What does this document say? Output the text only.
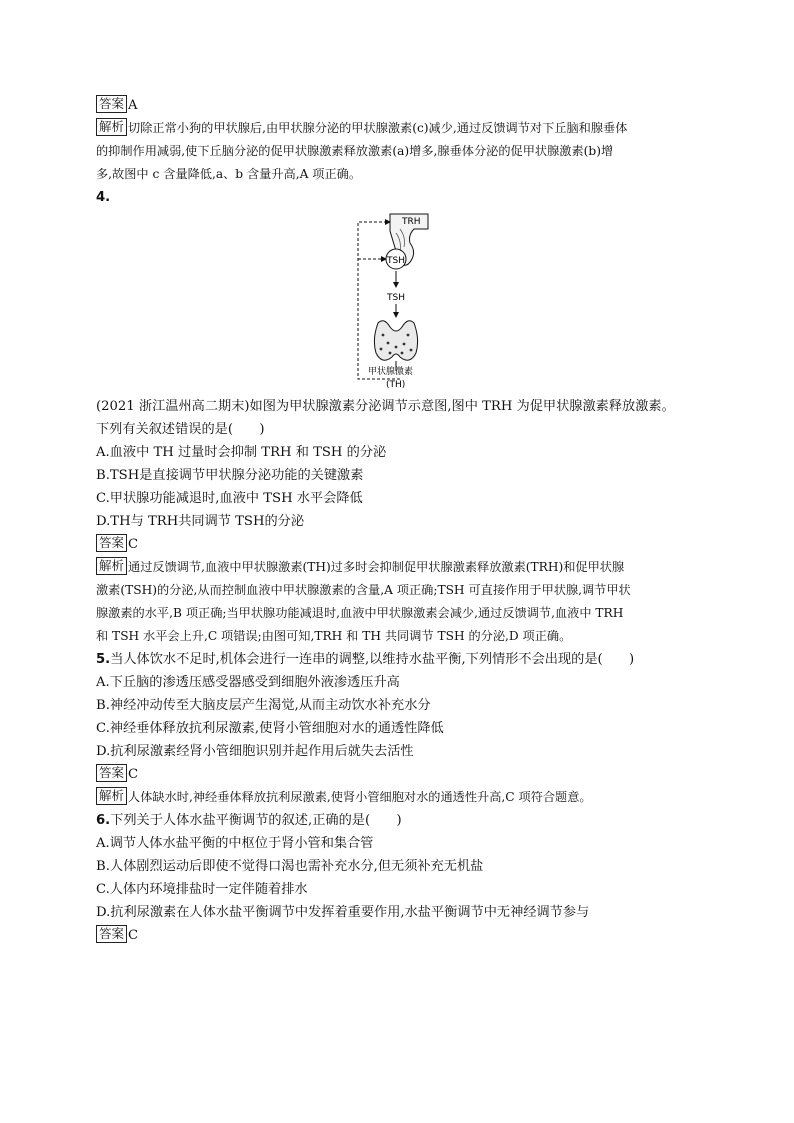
答案 A
解析 切除正常小狗的甲状腺后,由甲状腺分泌的甲状腺激素(c)减少,通过反馈调节对下丘脑和腺垂体
的抑制作用减弱,使下丘脑分泌的促甲状腺激素释放激素(a)增多,腺垂体分泌的促甲状腺激素(b)增
多,故图中 c 含量降低,a、b 含量升高,A 项正确。
4.
TRH
TSH
TSH
甲状腺激素
(TH)
(2021 浙江温州高二期末)如图为甲状腺激素分泌调节示意图,图中 TRH 为促甲状腺激素释放激素。
下列有关叙述错误的是(　　)
A.血液中 TH 过量时会抑制 TRH 和 TSH 的分泌
B.TSH是直接调节甲状腺分泌功能的关键激素
C.甲状腺功能减退时,血液中 TSH 水平会降低
D.TH与 TRH共同调节 TSH的分泌
答案 C
解析 通过反馈调节,血液中甲状腺激素(TH)过多时会抑制促甲状腺激素释放激素(TRH)和促甲状腺
激素(TSH)的分泌,从而控制血液中甲状腺激素的含量,A 项正确;TSH 可直接作用于甲状腺,调节甲状
腺激素的水平,B 项正确;当甲状腺功能减退时,血液中甲状腺激素会减少,通过反馈调节,血液中 TRH
和 TSH 水平会上升,C 项错误;由图可知,TRH 和 TH 共同调节 TSH 的分泌,D 项正确。
5.当人体饮水不足时,机体会进行一连串的调整,以维持水盐平衡,下列情形不会出现的是(　　)
A.下丘脑的渗透压感受器感受到细胞外液渗透压升高
B.神经冲动传至大脑皮层产生渴觉,从而主动饮水补充水分
C.神经垂体释放抗利尿激素,使肾小管细胞对水的通透性降低
D.抗利尿激素经肾小管细胞识别并起作用后就失去活性
答案 C
解析 人体缺水时,神经垂体释放抗利尿激素,使肾小管细胞对水的通透性升高,C 项符合题意。
6.下列关于人体水盐平衡调节的叙述,正确的是(　　)
A.调节人体水盐平衡的中枢位于肾小管和集合管
B.人体剧烈运动后即使不觉得口渴也需补充水分,但无须补充无机盐
C.人体内环境排盐时一定伴随着排水
D.抗利尿激素在人体水盐平衡调节中发挥着重要作用,水盐平衡调节中无神经调节参与
答案 C
